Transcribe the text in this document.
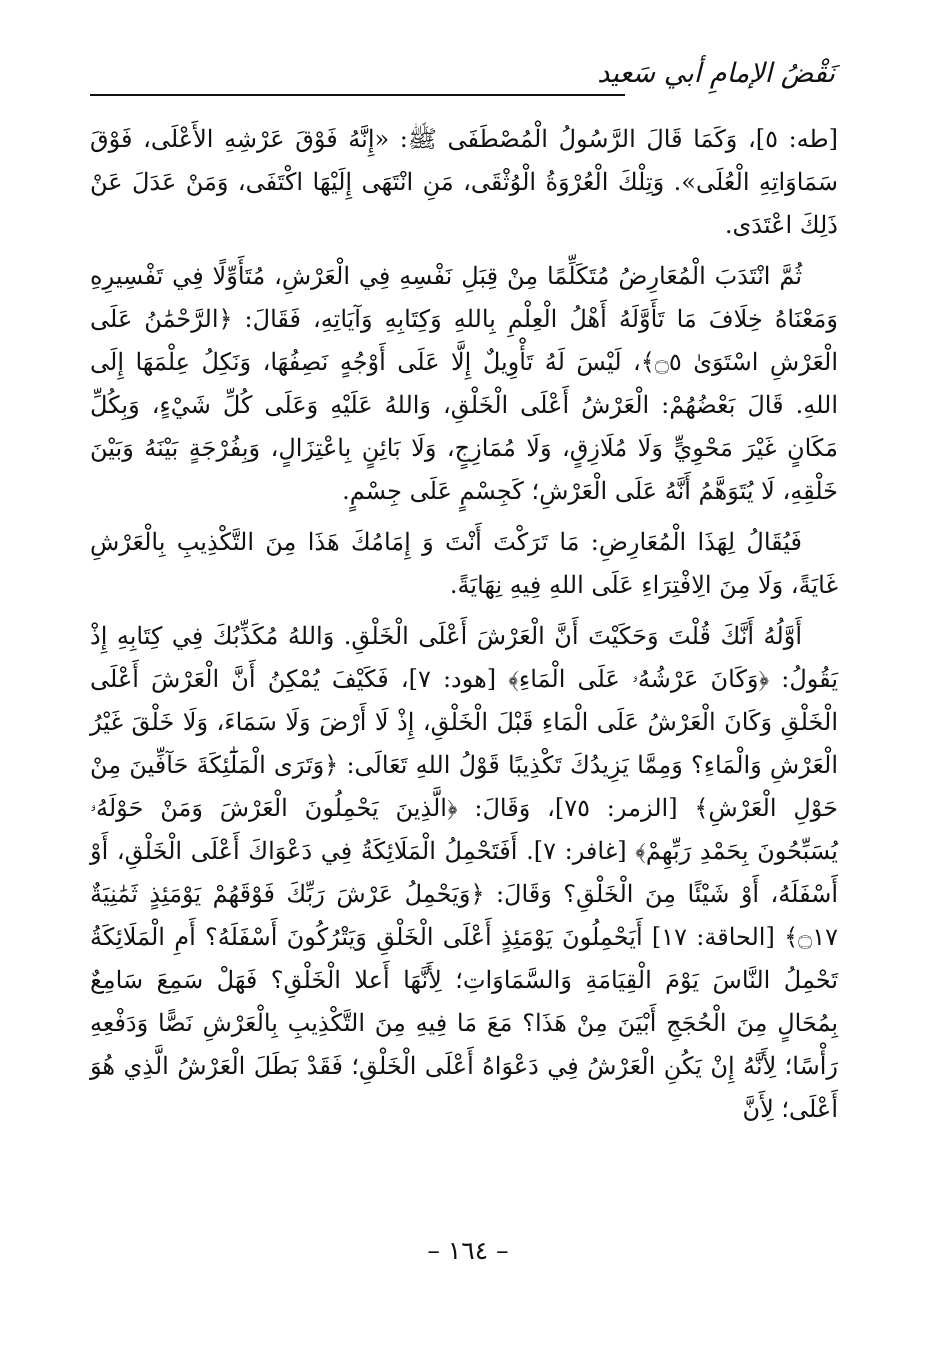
نَقْضُ الإمامِ أبي سَعيد

[طه: ٥]، وَكَمَا قَالَ الرَّسُولُ الْمُصْطَفَى ﷺ: «إِنَّهُ فَوْقَ عَرْشِهِ الأَعْلَى، فَوْقَ سَمَاوَاتِهِ الْعُلَى». وَتِلْكَ الْعُرْوَةُ الْوُثْقَى، مَنِ انْتَهَى إِلَيْهَا اكْتَفَى، وَمَنْ عَدَلَ عَنْ ذَلِكَ اعْتَدَى.

ثُمَّ انْتَدَبَ الْمُعَارِضُ مُتَكَلِّمًا مِنْ قِبَلِ نَفْسِهِ فِي الْعَرْشِ، مُتَأَوِّلًا فِي تَفْسِيرِهِ وَمَعْنَاهُ خِلَافَ مَا تَأَوَّلَهُ أَهْلُ الْعِلْمِ بِاللهِ وَكِتَابِهِ وَآيَاتِهِ، فَقَالَ: ﴿الرَّحْمَٰنُ عَلَى الْعَرْشِ اسْتَوَىٰ ۝٥﴾، لَيْسَ لَهُ تَأْوِيلٌ إِلَّا عَلَى أَوْجُهٍ نَصِفُهَا، وَنَكِلُ عِلْمَهَا إِلَى اللهِ. قَالَ بَعْضُهُمْ: الْعَرْشُ أَعْلَى الْخَلْقِ، وَاللهُ عَلَيْهِ وَعَلَى كُلِّ شَيْءٍ، وَبِكُلِّ مَكَانٍ غَيْرَ مَحْوِيٍّ وَلَا مُلَازِقٍ، وَلَا مُمَازِجٍ، وَلَا بَائِنٍ بِاعْتِزَالٍ، وَبِفُرْجَةٍ بَيْنَهُ وَبَيْنَ خَلْقِهِ، لَا يُتَوَهَّمُ أَنَّهُ عَلَى الْعَرْشِ؛ كَجِسْمٍ عَلَى جِسْمٍ.

فَيُقَالُ لِهَذَا الْمُعَارِضِ: مَا تَرَكْتَ أَنْتَ وَ إِمَامُكَ هَذَا مِنَ التَّكْذِيبِ بِالْعَرْشِ غَايَةً، وَلَا مِنَ الِافْتِرَاءِ عَلَى اللهِ فِيهِ نِهَايَةً.

أَوَّلُهُ أَنَّكَ قُلْتَ وَحَكَيْتَ أَنَّ الْعَرْشَ أَعْلَى الْخَلْقِ. وَاللهُ مُكَذِّبُكَ فِي كِتَابِهِ إِذْ يَقُولُ: ﴿وَكَانَ عَرْشُهُۥ عَلَى الْمَاءِ﴾ [هود: ٧]، فَكَيْفَ يُمْكِنُ أَنَّ الْعَرْشَ أَعْلَى الْخَلْقِ وَكَانَ الْعَرْشُ عَلَى الْمَاءِ قَبْلَ الْخَلْقِ، إِذْ لَا أَرْضَ وَلَا سَمَاءَ، وَلَا خَلْقَ غَيْرُ الْعَرْشِ وَالْمَاءِ؟ وَمِمَّا يَزِيدُكَ تَكْذِيبًا قَوْلُ اللهِ تَعَالَى: ﴿وَتَرَى الْمَلَٰٓئِكَةَ حَآفِّينَ مِنْ حَوْلِ الْعَرْشِ﴾ [الزمر: ٧٥]، وَقَالَ: ﴿الَّذِينَ يَحْمِلُونَ الْعَرْشَ وَمَنْ حَوْلَهُۥ يُسَبِّحُونَ بِحَمْدِ رَبِّهِمْ﴾ [غافر: ٧]. أَفَتَحْمِلُ الْمَلَائِكَةُ فِي دَعْوَاكَ أَعْلَى الْخَلْقِ، أَوْ أَسْفَلَهُ، أَوْ شَيْئًا مِنَ الْخَلْقِ؟ وَقَالَ: ﴿وَيَحْمِلُ عَرْشَ رَبِّكَ فَوْقَهُمْ يَوْمَئِذٍ ثَمَٰنِيَةٌ ۝١٧﴾ [الحاقة: ١٧] أَيَحْمِلُونَ يَوْمَئِذٍ أَعْلَى الْخَلْقِ وَيَتْرُكُونَ أَسْفَلَهُ؟ أَمِ الْمَلَائِكَةُ تَحْمِلُ النَّاسَ يَوْمَ الْقِيَامَةِ وَالسَّمَاوَاتِ؛ لِأَنَّهَا أَعلا الْخَلْقِ؟ فَهَلْ سَمِعَ سَامِعٌ بِمُحَالٍ مِنَ الْحُجَجِ أَبْيَنَ مِنْ هَذَا؟ مَعَ مَا فِيهِ مِنَ التَّكْذِيبِ بِالْعَرْشِ نَصًّا وَدَفْعِهِ رَأْسًا؛ لِأَنَّهُ إِنْ يَكُنِ الْعَرْشُ فِي دَعْوَاهُ أَعْلَى الْخَلْقِ؛ فَقَدْ بَطَلَ الْعَرْشُ الَّذِي هُوَ أَعْلَى؛ لِأَنَّ

– ١٦٤ –
